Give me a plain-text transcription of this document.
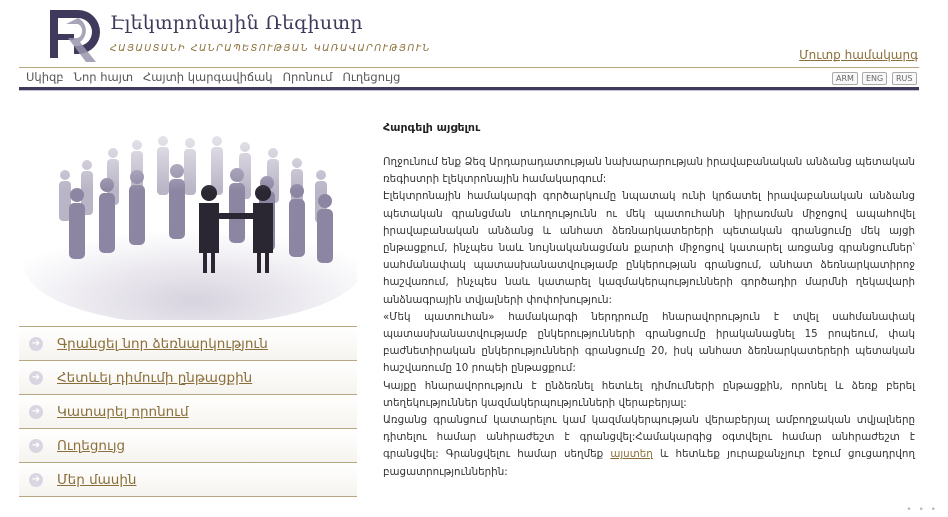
Էլեկտրոնային Ռեգիստր
ՀԱՅԱՍՏԱՆԻ ՀԱՆՐԱՊԵՏՈՒԹՅԱՆ ԿԱՌԱՎԱՐՈՒԹՅՈՒՆ	Մուտք համակարգ
Սկիզբ Նոր հայտ Հայտի կարգավիճակ Որոնում Ուղեցույց	ARM	ENG	RUS
➜ Գրանցել նոր ձեռնարկություն
➜ Հետևել դիմումի ընթացքին
➜ Կատարել որոնում
➜ Ուղեցույց
➜ Մեր մասին
Հարգելի այցելու

Ողջունում ենք Ձեզ Արդարադատության նախարարության իրավաբանական անձանց պետական ռեգիստրի էլեկտրոնային համակարգում:

Էլեկտրոնային համակարգի գործարկումը նպատակ ունի կրճատել իրավաբանական անձանց պետական գրանցման տևողությունն ու մեկ պատուհանի կիրառման միջոցով ապահովել իրավաբանական անձանց և անհատ ձեռնարկատերերի պետական գրանցումը մեկ այցի ընթացքում, ինչպես նաև նույնականացման քարտի միջոցով կատարել առցանց գրանցումներ՝ սահմանափակ պատասխանատվությամբ ընկերության գրանցում, անհատ ձեռնարկատիրոջ հաշվառում, ինչպես նաև կատարել կազմակերպությունների գործադիր մարմնի ղեկավարի անձնագրային տվյալների փոփոխություն:

«Մեկ պատուհան» համակարգի ներդրումը հնարավորություն է տվել սահմանափակ պատասխանատվությամբ ընկերությունների գրանցումը իրականացնել 15 րոպեում, փակ բաժնետիրական ընկերությունների գրանցումը 20, իսկ անհատ ձեռնարկատերերի պետական հաշվառումը 10 րոպեի ընթացքում:

Կայքը հնարավորություն է ընձեռնել հետևել դիմումների ընթացքին, որոնել և ձեռք բերել տեղեկություններ կազմակերպությունների վերաբերյալ:

Առցանց գրանցում կատարելու կամ կազմակերպության վերաբերյալ ամբողջական տվյալները դիտելու համար անհրաժեշտ է գրանցվել:Համակարգից օգտվելու համար անհրաժեշտ է գրանցվել: Գրանցվելու համար սեղմեք այստեղ և հետևեք յուրաքանչյուր էջում ցուցադրվող բացատրություններին:

• • •
